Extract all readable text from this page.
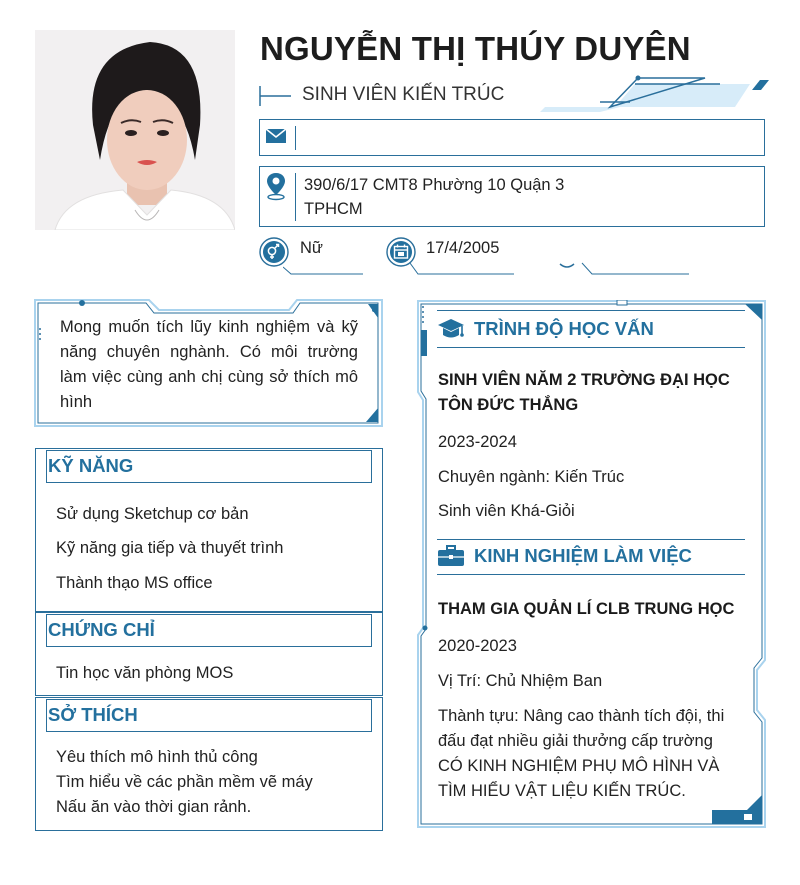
NGUYỄN THỊ THÚY DUYÊN
SINH VIÊN KIẾN TRÚC
390/6/17 CMT8 Phường 10 Quận 3
TPHCM
Nữ	17/4/2005
Mong muốn tích lũy kinh nghiệm và kỹ năng chuyên nghành. Có môi trường làm việc cùng anh chị cùng sở thích mô hình
KỸ NĂNG
Sử dụng Sketchup cơ bản
Kỹ năng gia tiếp và thuyết trình
Thành thạo MS office
CHỨNG CHỈ
Tin học văn phòng MOS
SỞ THÍCH
Yêu thích mô hình thủ công
Tìm hiểu về các phần mềm vẽ máy
Nấu ăn vào thời gian rảnh.
TRÌNH ĐỘ HỌC VẤN
SINH VIÊN NĂM 2 TRƯỜNG ĐẠI HỌC TÔN ĐỨC THẮNG
2023-2024
Chuyên ngành: Kiến Trúc
Sinh viên Khá-Giỏi
KINH NGHIỆM LÀM VIỆC
THAM GIA QUẢN LÍ CLB TRUNG HỌC
2020-2023
Vị Trí: Chủ Nhiệm Ban
Thành tựu: Nâng cao thành tích đội, thi đấu đạt nhiều giải thưởng cấp trường CÓ KINH NGHIỆM PHỤ MÔ HÌNH VÀ TÌM HIỂU VẬT LIỆU KIẾN TRÚC.
